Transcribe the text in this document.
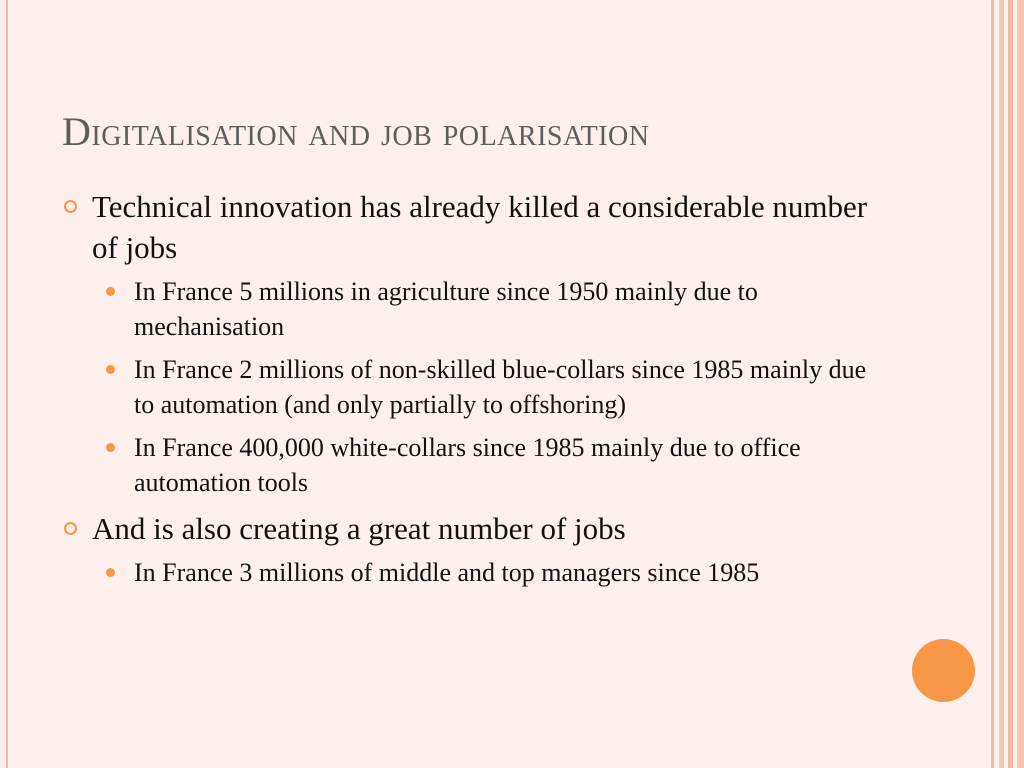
Digitalisation and job polarisation
Technical innovation has already killed a considerable number of jobs
In France 5 millions in agriculture since 1950 mainly due to mechanisation
In France 2 millions of non-skilled blue-collars since 1985 mainly due to automation (and only partially to offshoring)
In France 400,000 white-collars since 1985 mainly due to office automation tools
And is also creating a great number of jobs
In France 3 millions of middle and top managers since 1985
